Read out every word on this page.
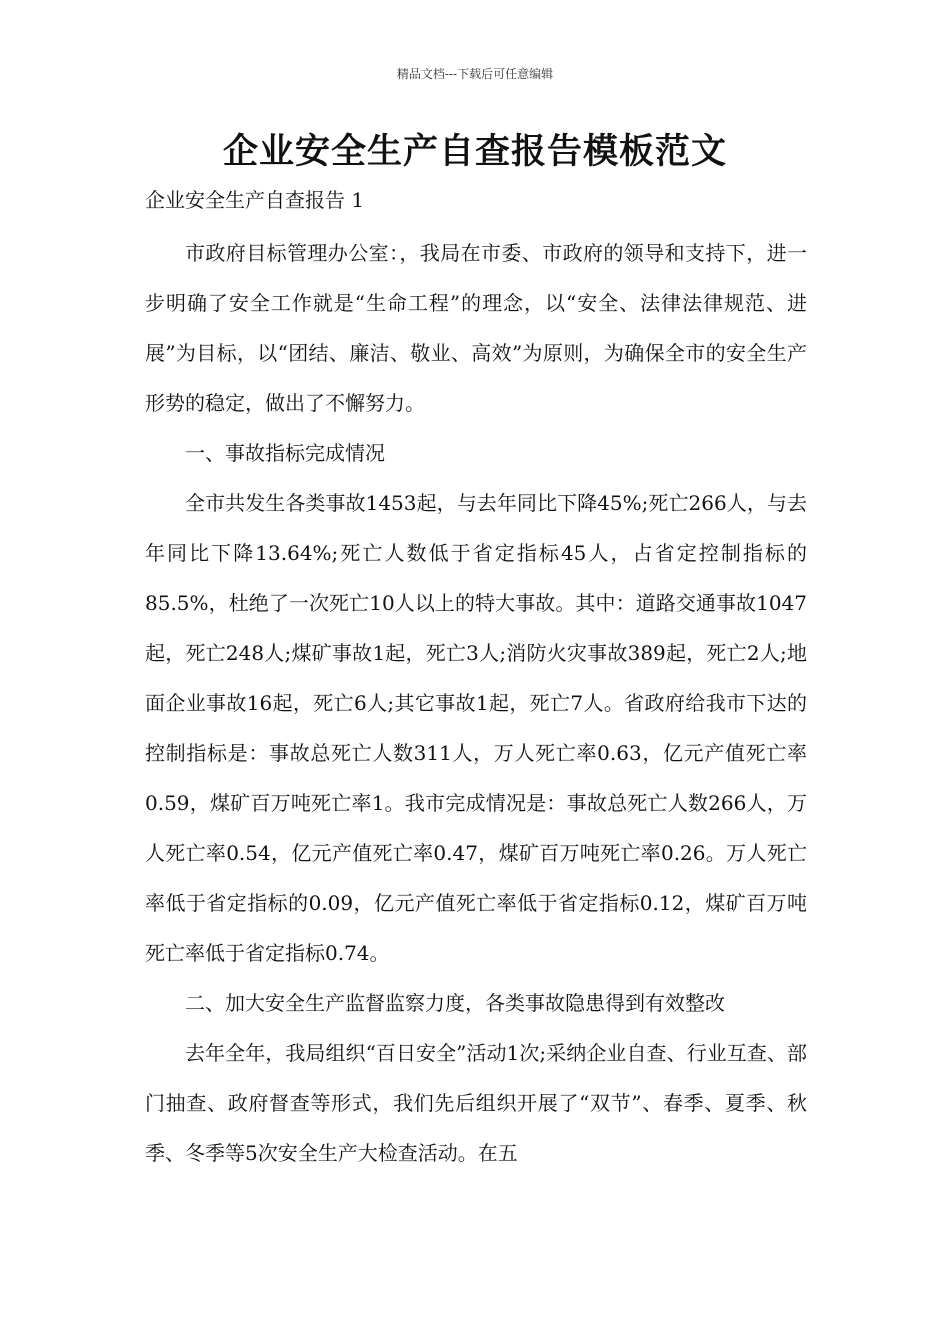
精品文档---下载后可任意编辑
企业安全生产自查报告模板范文
企业安全生产自查报告 1

市政府目标管理办公室：，我局在市委、市政府的领导和支持下，进一步明确了安全工作就是“生命工程”的理念，以“安全、法律法律规范、进展”为目标，以“团结、廉洁、敬业、高效”为原则，为确保全市的安全生产形势的稳定，做出了不懈努力。

一、事故指标完成情况

全市共发生各类事故1453起，与去年同比下降45%;死亡266人，与去年同比下降13.64%;死亡人数低于省定指标45人，占省定控制指标的85.5%，杜绝了一次死亡10人以上的特大事故。其中：道路交通事故1047起，死亡248人;煤矿事故1起，死亡3人;消防火灾事故389起，死亡2人;地面企业事故16起，死亡6人;其它事故1起，死亡7人。省政府给我市下达的控制指标是：事故总死亡人数311人，万人死亡率0.63，亿元产值死亡率0.59，煤矿百万吨死亡率1。我市完成情况是：事故总死亡人数266人，万人死亡率0.54，亿元产值死亡率0.47，煤矿百万吨死亡率0.26。万人死亡率低于省定指标的0.09，亿元产值死亡率低于省定指标0.12，煤矿百万吨死亡率低于省定指标0.74。

二、加大安全生产监督监察力度，各类事故隐患得到有效整改

去年全年，我局组织“百日安全”活动1次;采纳企业自查、行业互查、部门抽查、政府督查等形式，我们先后组织开展了“双节”、春季、夏季、秋季、冬季等5次安全生产大检查活动。在五
